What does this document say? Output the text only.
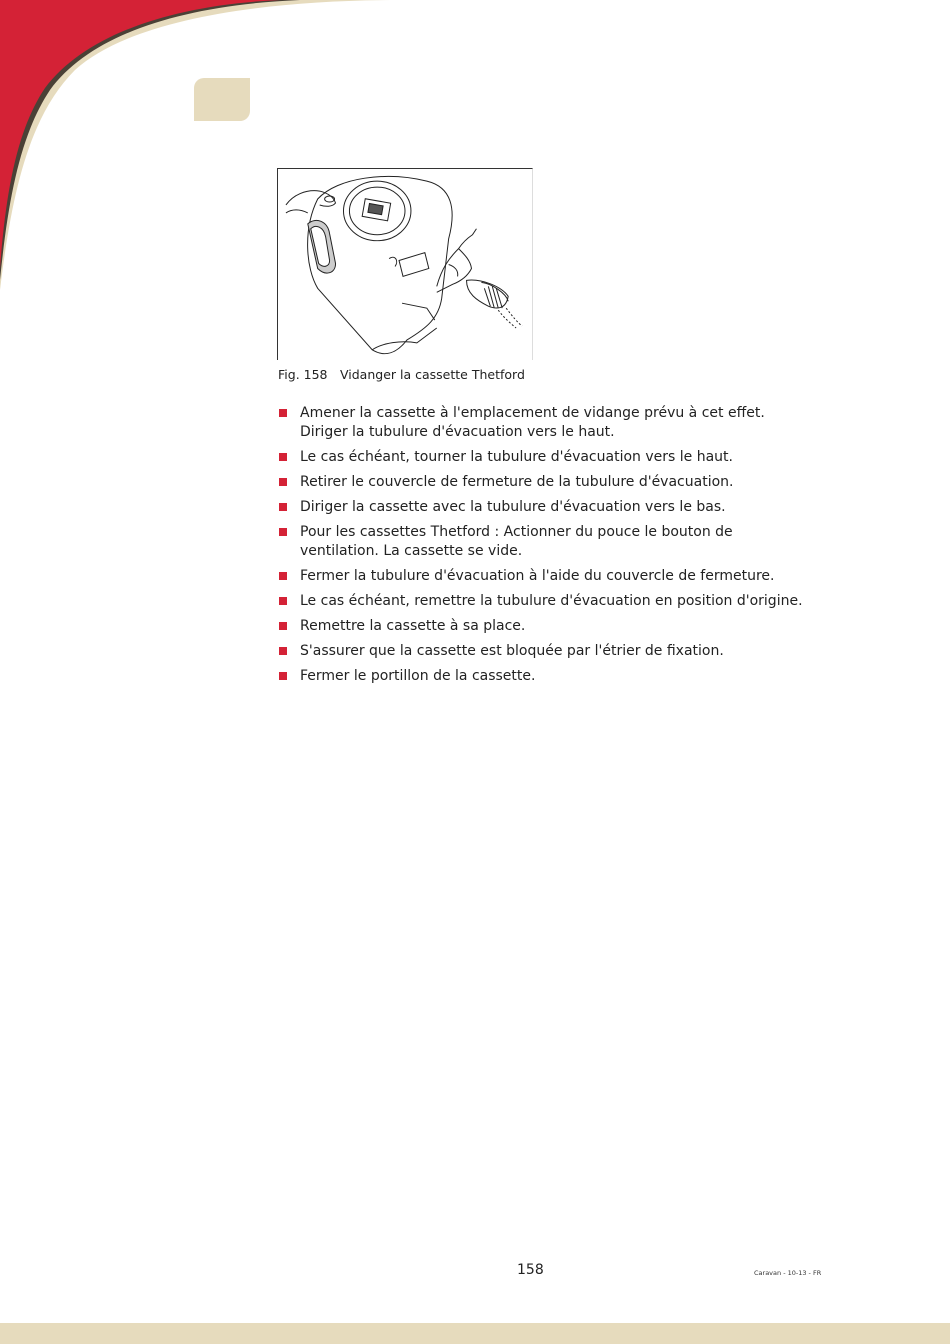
Fig. 158 Vidanger la cassette Thetford
Amener la cassette à l'emplacement de vidange prévu à cet effet. Diriger la tubulure d'évacuation vers le haut.
Le cas échéant, tourner la tubulure d'évacuation vers le haut.
Retirer le couvercle de fermeture de la tubulure d'évacuation.
Diriger la cassette avec la tubulure d'évacuation vers le bas.
Pour les cassettes Thetford : Actionner du pouce le bouton de ventilation. La cassette se vide.
Fermer la tubulure d'évacuation à l'aide du couvercle de fermeture.
Le cas échéant, remettre la tubulure d'évacuation en position d'origine.
Remettre la cassette à sa place.
S'assurer que la cassette est bloquée par l'étrier de fixation.
Fermer le portillon de la cassette.
158	Caravan - 10-13 - FR
